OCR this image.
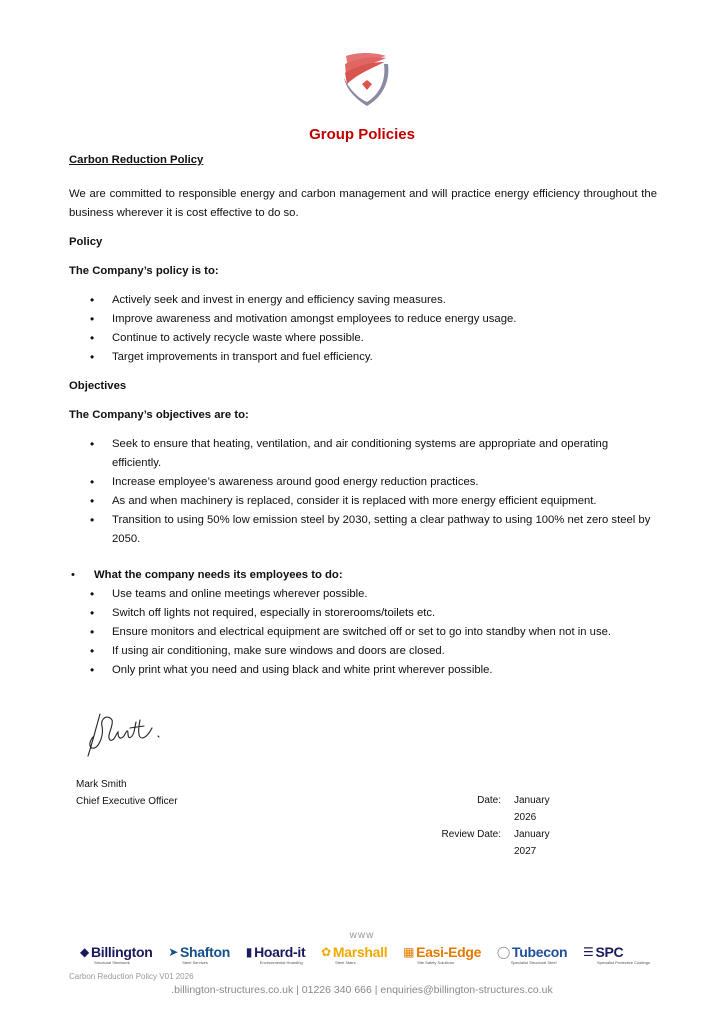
Group Policies
Carbon Reduction Policy

We are committed to responsible energy and carbon management and will practice energy efficiency throughout the business wherever it is cost effective to do so.

Policy
The Company’s policy is to:
• Actively seek and invest in energy and efficiency saving measures.
• Improve awareness and motivation amongst employees to reduce energy usage.
• Continue to actively recycle waste where possible.
• Target improvements in transport and fuel efficiency.
Objectives
The Company’s objectives are to:
• Seek to ensure that heating, ventilation, and air conditioning systems are appropriate and operating efficiently.
• Increase employee’s awareness around good energy reduction practices.
• As and when machinery is replaced, consider it is replaced with more energy efficient equipment.
• Transition to using 50% low emission steel by 2030, setting a clear pathway to using 100% net zero steel by 2050.
• What the company needs its employees to do:
• Use teams and online meetings wherever possible.
• Switch off lights not required, especially in storerooms/toilets etc.
• Ensure monitors and electrical equipment are switched off or set to go into standby when not in use.
• If using air conditioning, make sure windows and doors are closed.
• Only print what you need and using black and white print wherever possible.
Mark Smith
Chief Executive Officer	Date: January 2026
Review Date: January 2027
www
◆ Billington
Structural Steelwork
➤ Shafton
Steel Services
▮ Hoard-it
Environmental Hoarding
✿ Marshall
Steel Stairs
▦ Easi-Edge
Site Safety Solutions
◯ Tubecon
Specialist Structural Steel
☰ SPC
Specialist Protective Coatings
Carbon Reduction Policy V01 2026
.billington-structures.co.uk | 01226 340 666 | enquiries@billington-structures.co.uk
